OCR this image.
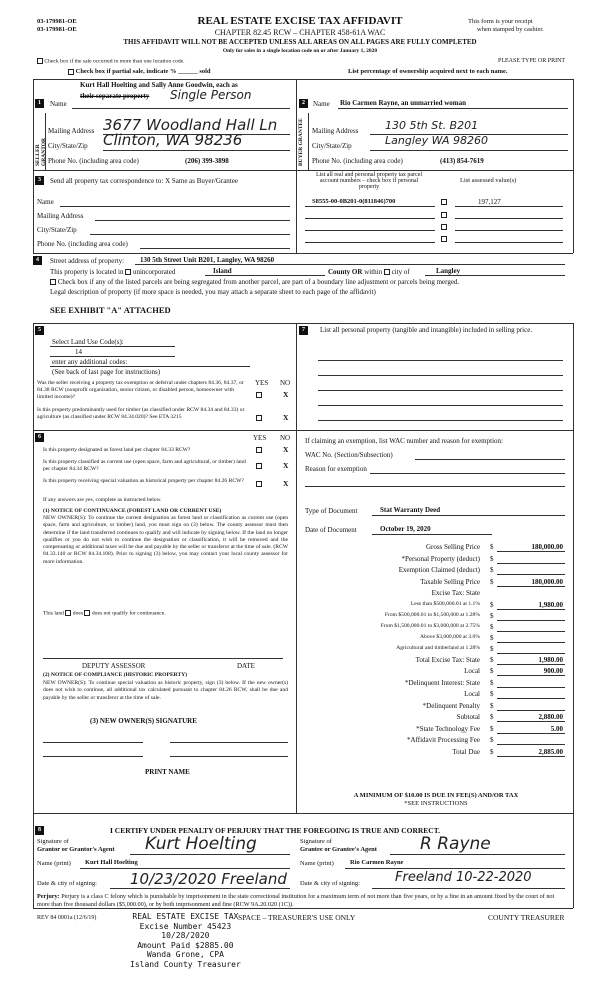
03-179981-OE
03-179981-OE
REAL ESTATE EXCISE TAX AFFIDAVIT
CHAPTER 82.45 RCW – CHAPTER 458-61A WAC
THIS AFFIDAVIT WILL NOT BE ACCEPTED UNLESS ALL AREAS ON ALL PAGES ARE FULLY COMPLETED
Only for sales in a single location code on or after January 1, 2020
This form is your receipt
when stamped by cashier.
PLEASE TYPE OR PRINT
Check box if the sale occurred in more than one location code.
Check box if partial sale, indicate % ______ sold	List percentage of ownership acquired next to each name.
SELLER GRANTOR	BUYER GRANTEE
1
Kurt Hall Hoelting and Sally Anne Goodwin, each as
Name
their separate property Single Person
Mailing Address 3677 Woodland Hall Ln
City/State/Zip Clinton, WA 98236
Phone No. (including area code)	(206) 399-3898
2	Name Rio Carmen Rayne, an unmarried woman
Mailing Address 130 5th St. B201
City/State/Zip	Langley WA 98260
Phone No. (including area code)	(413) 854-7619
3	Send all property tax correspondence to: X Same as Buyer/Grantee
Name
Mailing Address
City/State/Zip
Phone No. (including area code)
List all real and personal property tax parcel
account numbers – check box if personal
property
List assessed value(s)
S8555-00-0B201-0(811846)700	197,127
4	Street address of property: 130 5th Street Unit B201, Langley, WA 98260
This property is located in unincorporated	Island	County OR within city of	Langley
Check box if any of the listed parcels are being segregated from another parcel, are part of a boundary line adjustment or parcels being merged.
Legal description of property (if more space is needed, you may attach a separate sheet to each page of the affidavit)
SEE EXHIBIT "A" ATTACHED
5
Select Land Use Code(s):
14
enter any additional codes:
(See back of last page for instructions)
YES NO
Was the seller receiving a property tax exemption or deferral under chapters 84.36, 84.37, or 84.38 RCW (nonprofit organization, senior citizen, or disabled person, homeowner with limited income)?	X
Is this property predominantly used for timber (as classified under RCW 84.34 and 84.33) or agriculture (as classified under RCW 84.34.020)? See ETA 3215	X
7	List all personal property (tangible and intangible) included in selling price.
6	YES NO
Is this property designated as forest land per chapter 84.33 RCW?	X
Is this property classified as current use (open space, farm and agricultural, or timber) land per chapter 84.34 RCW?	X
Is this property receiving special valuation as historical property per chapter 84.26 RCW?	X
If any answers are yes, complete as instructed below.
(1) NOTICE OF CONTINUANCE (FOREST LAND OR CURRENT USE)
NEW OWNER(S): To continue the current designation as forest land or classification as current use (open space, farm and agriculture, or timber) land, you must sign on (3) below. The county assessor must then determine if the land transferred continues to qualify and will indicate by signing below. If the land no longer qualifies or you do not wish to continue the designation or classification, it will be removed and the compensating or additional taxes will be due and payable by the seller or transferor at the time of sale. (RCW 84.33.140 or RCW 84.34.108). Prior to signing (3) below, you may contact your local county assessor for more information.
This land does does not qualify for continuance.
DEPUTY ASSESSOR	DATE
(2) NOTICE OF COMPLIANCE (HISTORIC PROPERTY)
NEW OWNER(S): To continue special valuation as historic property, sign (3) below. If the new owner(s) does not wish to continue, all additional tax calculated pursuant to chapter 84.26 RCW, shall be due and payable by the seller or transferor at the time of sale.
(3) NEW OWNER(S) SIGNATURE
PRINT NAME
If claiming an exemption, list WAC number and reason for exemption:
WAC No. (Section/Subsection)
Reason for exemption
Type of Document	Stat Warranty Deed
Date of Document	October 19, 2020
Gross Selling Price $	180,000.00
*Personal Property (deduct) $
Exemption Claimed (deduct) $
Taxable Selling Price $	180,000.00
Excise Tax: State
Less than $500,000.01 at 1.1% $	1,980.00
From $500,000.01 to $1,500,000 at 1.28% $
From $1,500,000.01 to $3,000,000 at 2.75% $
Above $3,000,000 at 3.0% $
Agricultural and timberland at 1.28% $
Total Excise Tax: State $	1,980.00
Local $	900.00
*Delinquent Interest: State $
Local $
*Delinquent Penalty $
Subtotal $	2,880.00
*State Technology Fee $	5.00
*Affidavit Processing Fee $
Total Due $	2,885.00
A MINIMUM OF $10.00 IS DUE IN FEE(S) AND/OR TAX
*SEE INSTRUCTIONS
8	I CERTIFY UNDER PENALTY OF PERJURY THAT THE FOREGOING IS TRUE AND CORRECT.
Signature of
Grantor or Grantor's Agent Kurt Hoelting	Signature of
Grantee or Grantee's Agent	R Rayne
Name (print) Kurt Hall Hoelting	Name (print) Rio Carmen Rayne
Date & city of signing: 10/23/2020 Freeland Date & city of signing:	Freeland 10-22-2020
Perjury: Perjury is a class C felony which is punishable by imprisonment in the state correctional institution for a maximum term of not more than five years, or by a fine in an amount fixed by the court of not more than five thousand dollars ($5,000.00), or by both imprisonment and fine (RCW 9A.20.020 (1C)).
REV 84 0001a (12/6/19)	REAL ESTATE EXCISE TAX
Excise Number 45423
10/28/2020
Amount Paid $2885.00
Wanda Grone, CPA
Island County Treasurer
SPACE – TREASURER'S USE ONLY	COUNTY TREASURER
